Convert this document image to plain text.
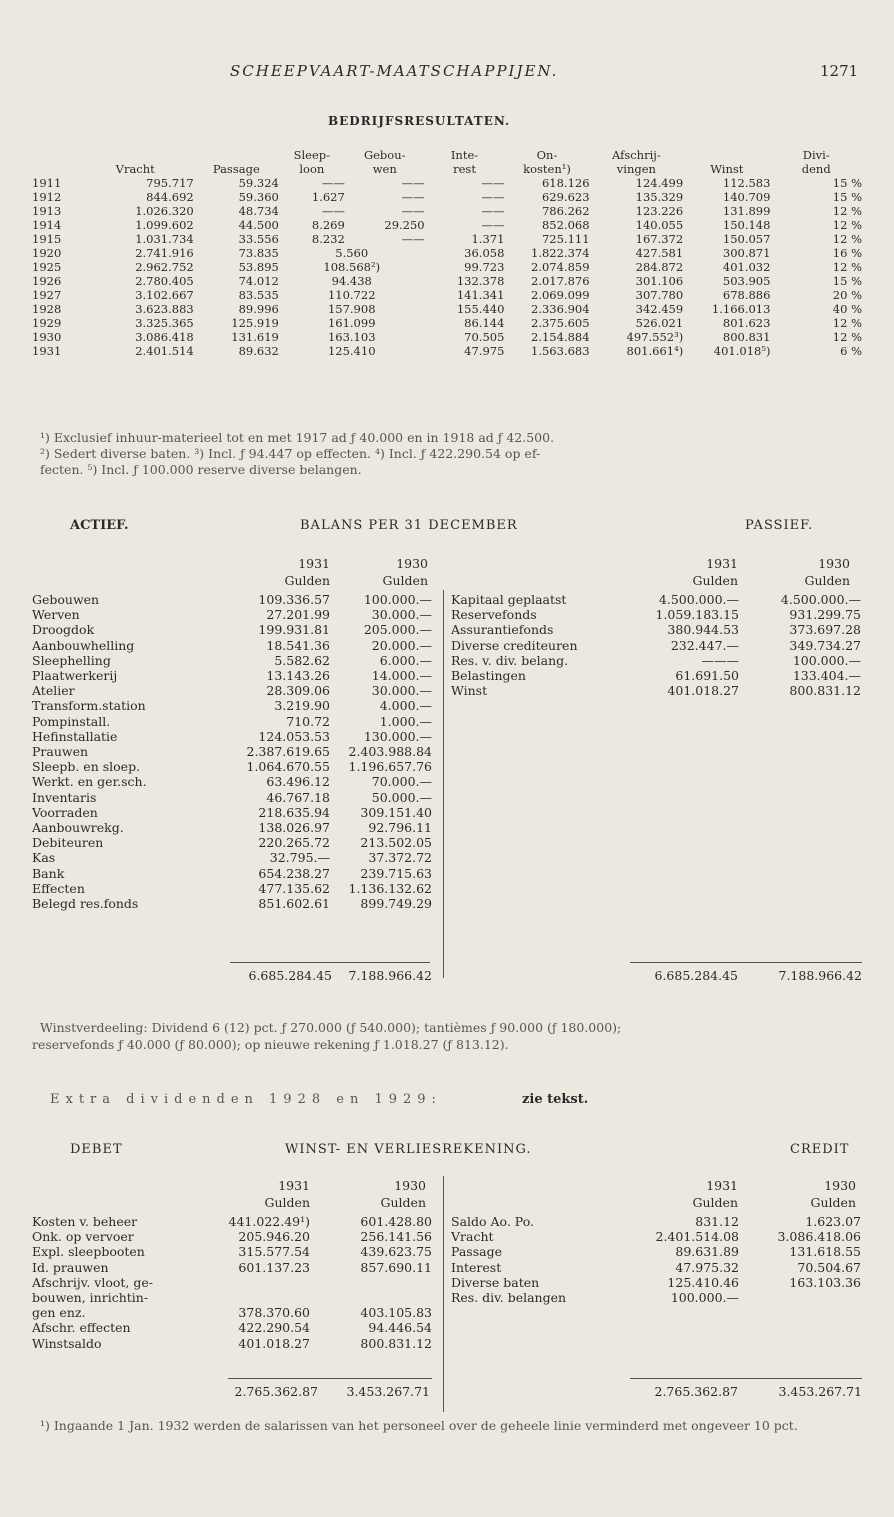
SCHEEPVAART-MAATSCHAPPIJEN.	1271
BEDRIJFSRESULTATEN.
			Sleep-	Gebou-	Inte-	On-	Afschrij-		Divi-
	Vracht	Passage	loon	wen	rest	kosten¹)	vingen	Winst	dend
1911	795.717	59.324	——	——	——	618.126	124.499	112.583	15 %
1912	844.692	59.360	1.627	——	——	629.623	135.329	140.709	15 %
1913	1.026.320	48.734	——	——	——	786.262	123.226	131.899	12 %
1914	1.099.602	44.500	8.269	29.250	——	852.068	140.055	150.148	12 %
1915	1.031.734	33.556	8.232	——	1.371	725.111	167.372	150.057	12 %
1920	2.741.916	73.835	5.560		36.058	1.822.374	427.581	300.871	16 %
1925	2.962.752	53.895	108.568²)		99.723	2.074.859	284.872	401.032	12 %
1926	2.780.405	74.012	94.438		132.378	2.017.876	301.106	503.905	15 %
1927	3.102.667	83.535	110.722		141.341	2.069.099	307.780	678.886	20 %
1928	3.623.883	89.996	157.908		155.440	2.336.904	342.459	1.166.013	40 %
1929	3.325.365	125.919	161.099		86.144	2.375.605	526.021	801.623	12 %
1930	3.086.418	131.619	163.103		70.505	2.154.884	497.552³)	800.831	12 %
1931	2.401.514	89.632	125.410		47.975	1.563.683	801.661⁴)	401.018⁵)	6 %
¹) Exclusief inhuur-materieel tot en met 1917 ad ƒ 40.000 en in 1918 ad ƒ 42.500.
²) Sedert diverse baten. ³) Incl. ƒ 94.447 op effecten. ⁴) Incl. ƒ 422.290.54 op ef-
fecten. ⁵) Incl. ƒ 100.000 reserve diverse belangen.
ACTIEF.	BALANS PER 31 DECEMBER	PASSIEF.
1931	1930
Gulden	Gulden
1931	1930
Gulden	Gulden
Gebouwen	109.336.57	100.000.—
Werven	27.201.99	30.000.—
Droogdok	199.931.81	205.000.—
Aanbouwhelling	18.541.36	20.000.—
Sleephelling	5.582.62	6.000.—
Plaatwerkerij	13.143.26	14.000.—
Atelier	28.309.06	30.000.—
Transform.station	3.219.90	4.000.—
Pompinstall.	710.72	1.000.—
Hefinstallatie	124.053.53	130.000.—
Prauwen	2.387.619.65	2.403.988.84
Sleepb. en sloep.	1.064.670.55	1.196.657.76
Werkt. en ger.sch.	63.496.12	70.000.—
Inventaris	46.767.18	50.000.—
Voorraden	218.635.94	309.151.40
Aanbouwrekg.	138.026.97	92.796.11
Debiteuren	220.265.72	213.502.05
Kas	32.795.—	37.372.72
Bank	654.238.27	239.715.63
Effecten	477.135.62	1.136.132.62
Belegd res.fonds	851.602.61	899.749.29
Kapitaal geplaatst	4.500.000.—	4.500.000.—
Reservefonds	1.059.183.15	931.299.75
Assurantiefonds	380.944.53	373.697.28
Diverse crediteuren	232.447.—	349.734.27
Res. v. div. belang.	———	100.000.—
Belastingen	61.691.50	133.404.—
Winst	401.018.27	800.831.12
6.685.284.45	7.188.966.42	6.685.284.45	7.188.966.42
Winstverdeeling: Dividend 6 (12) pct. ƒ 270.000 (ƒ 540.000); tantièmes ƒ 90.000 (ƒ 180.000);
reservefonds ƒ 40.000 (ƒ 80.000); op nieuwe rekening ƒ 1.018.27 (ƒ 813.12).
Extra dividenden 1928 en 1929:	zie tekst.
DEBET	WINST- EN VERLIESREKENING.	CREDIT
1931	1930
Gulden	Gulden
1931	1930
Gulden	Gulden
Kosten v. beheer	441.022.49¹)	601.428.80
Onk. op vervoer	205.946.20	256.141.56
Expl. sleepbooten	315.577.54	439.623.75
Id. prauwen	601.137.23	857.690.11
Afschrijv. vloot, ge-		
bouwen, inrichtin-		
gen enz.	378.370.60	403.105.83
Afschr. effecten	422.290.54	94.446.54
Winstsaldo	401.018.27	800.831.12
Saldo Ao. Po.	831.12	1.623.07
Vracht	2.401.514.08	3.086.418.06
Passage	89.631.89	131.618.55
Interest	47.975.32	70.504.67
Diverse baten	125.410.46	163.103.36
Res. div. belangen	100.000.—	
2.765.362.87	3.453.267.71	2.765.362.87	3.453.267.71
¹) Ingaande 1 Jan. 1932 werden de salarissen van het personeel over de geheele linie verminderd met ongeveer 10 pct.
